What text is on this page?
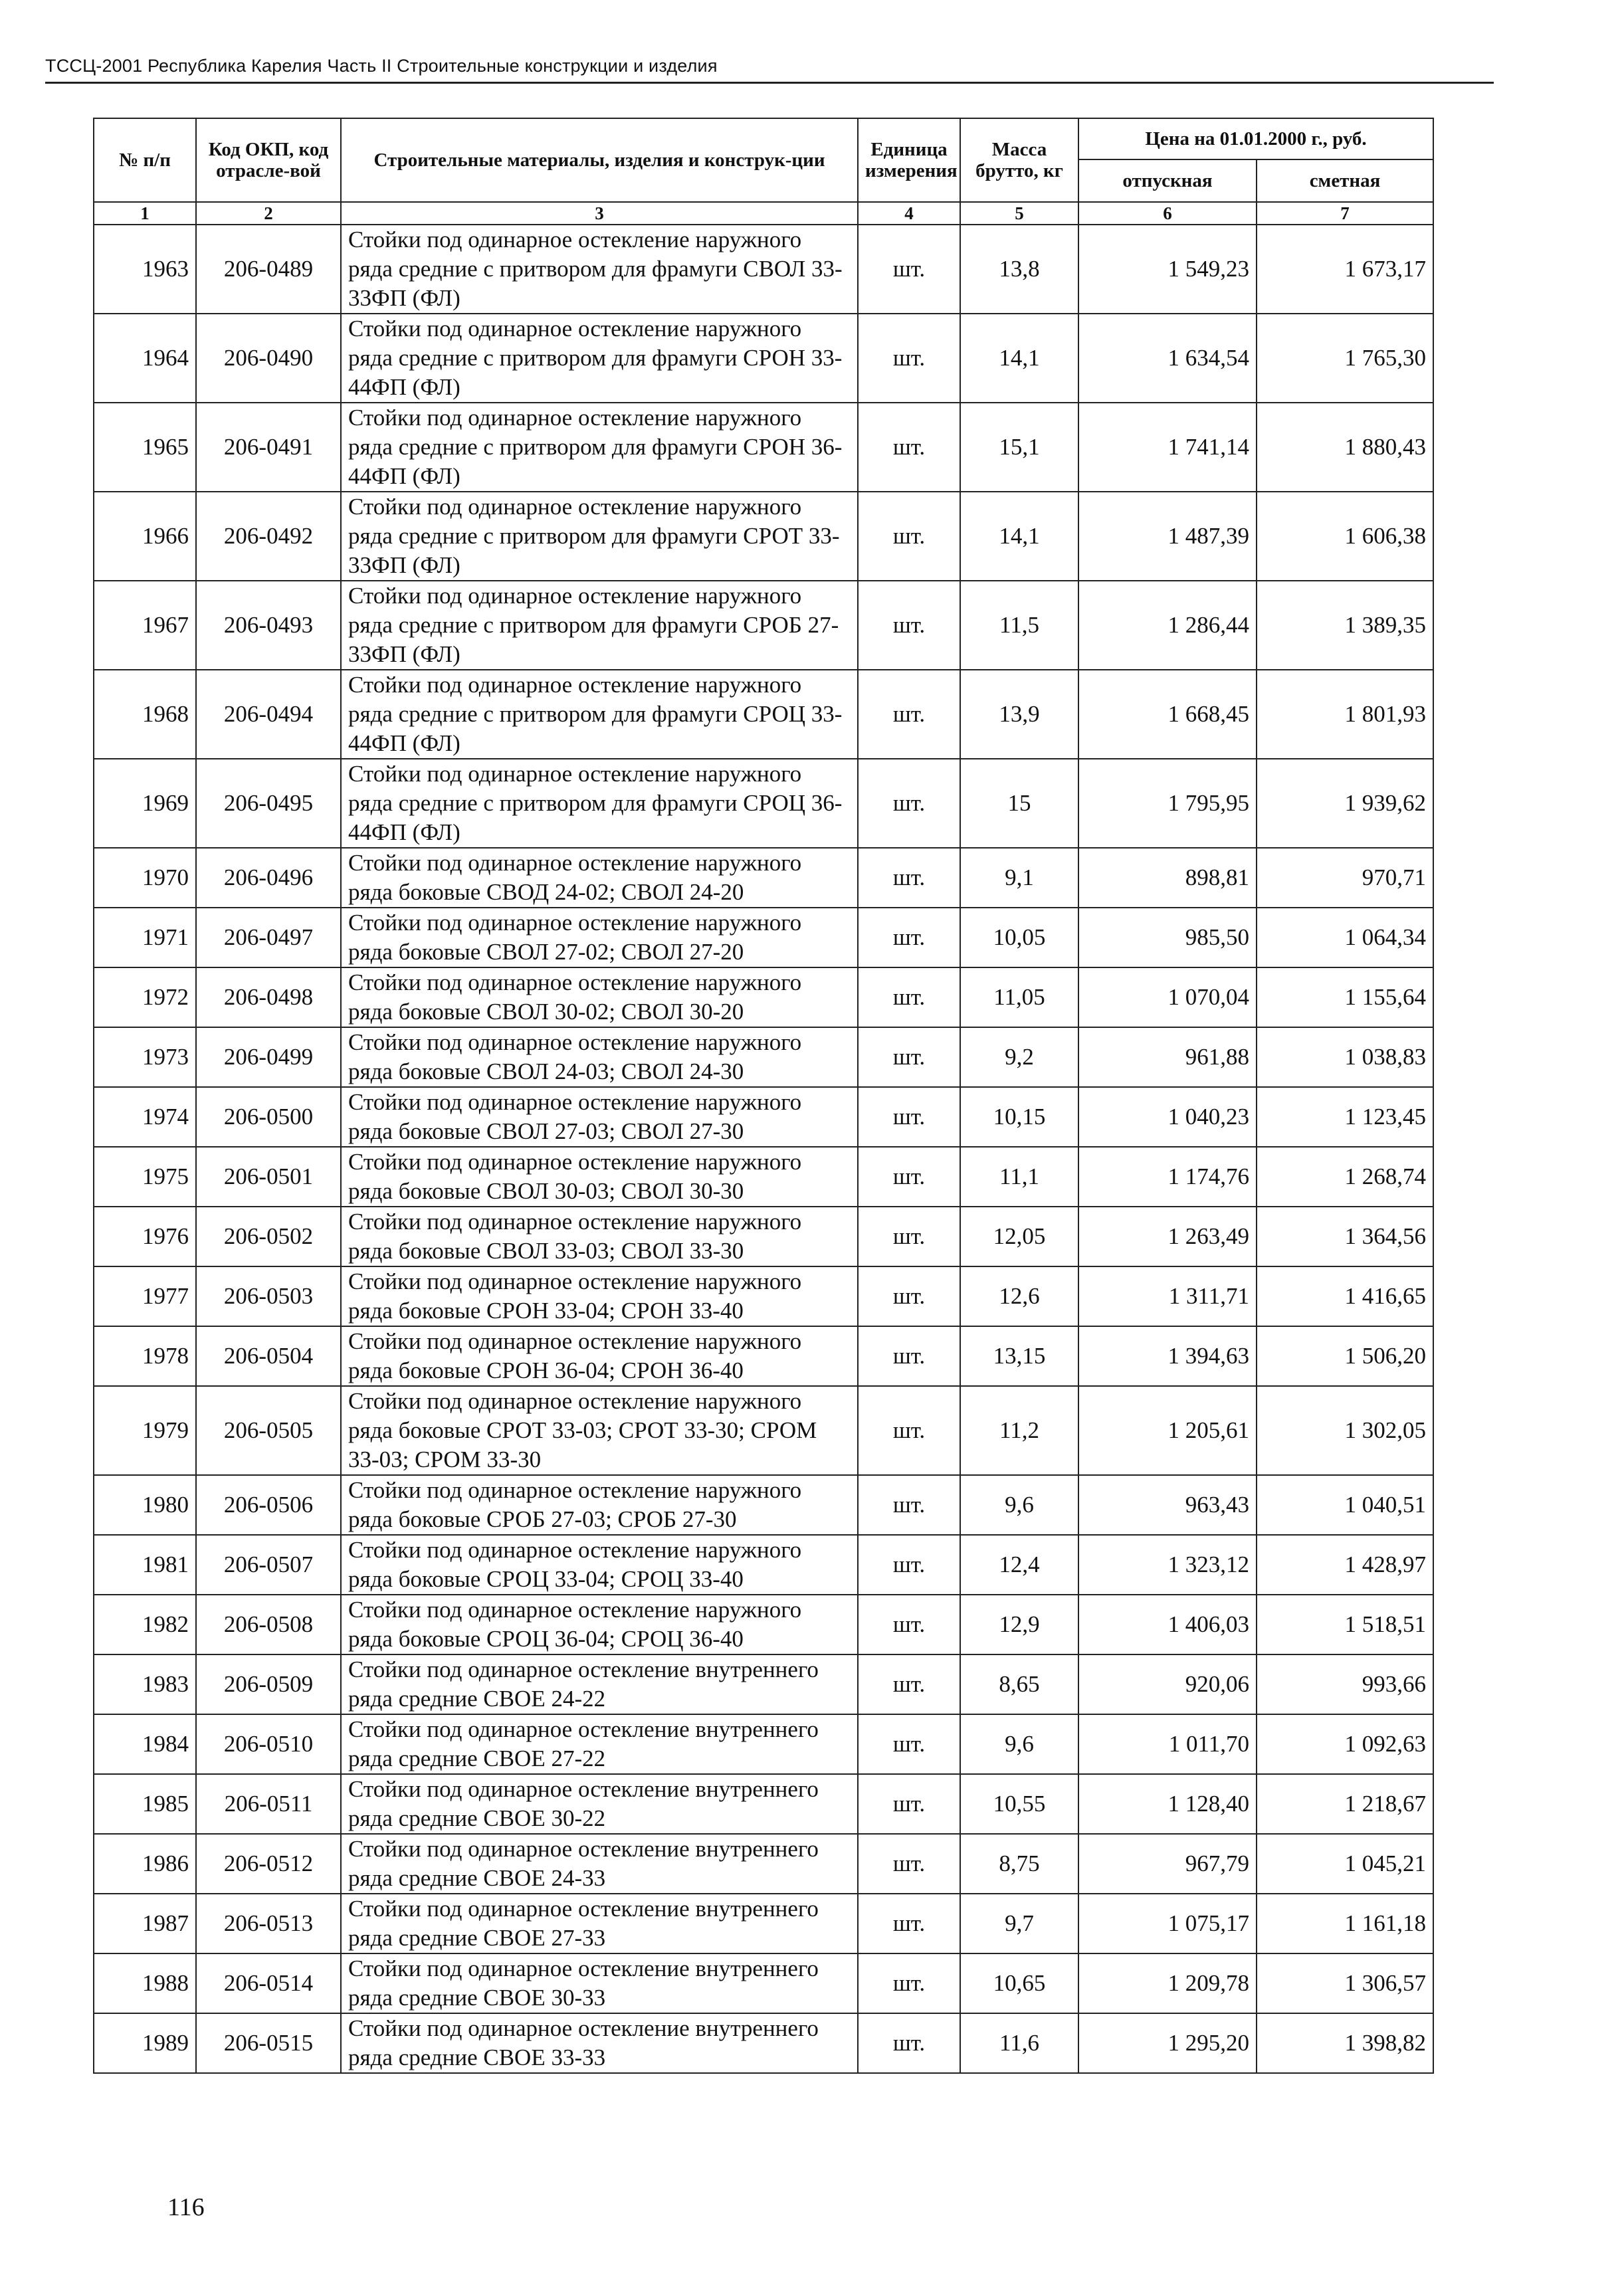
ТССЦ-2001 Республика Карелия Часть II Строительные конструкции и изделия
№ п/п	Код ОКП, код отрасле-вой	Строительные материалы, изделия и конструк-ции	Единица измерения	Масса брутто, кг	Цена на 01.01.2000 г., руб.	
					отпускная	сметная
1	2	3	4	5	6	7
1963	206-0489	Стойки под одинарное остекление наружного ряда средние с притвором для фрамуги СВОЛ 33-33ФП (ФЛ)	шт.	13,8	1 549,23	1 673,17
1964	206-0490	Стойки под одинарное остекление наружного ряда средние с притвором для фрамуги СРОН 33-44ФП (ФЛ)	шт.	14,1	1 634,54	1 765,30
1965	206-0491	Стойки под одинарное остекление наружного ряда средние с притвором для фрамуги СРОН 36-44ФП (ФЛ)	шт.	15,1	1 741,14	1 880,43
1966	206-0492	Стойки под одинарное остекление наружного ряда средние с притвором для фрамуги СРОТ 33-33ФП (ФЛ)	шт.	14,1	1 487,39	1 606,38
1967	206-0493	Стойки под одинарное остекление наружного ряда средние с притвором для фрамуги СРОБ 27-33ФП (ФЛ)	шт.	11,5	1 286,44	1 389,35
1968	206-0494	Стойки под одинарное остекление наружного ряда средние с притвором для фрамуги СРОЦ 33-44ФП (ФЛ)	шт.	13,9	1 668,45	1 801,93
1969	206-0495	Стойки под одинарное остекление наружного ряда средние с притвором для фрамуги СРОЦ 36-44ФП (ФЛ)	шт.	15	1 795,95	1 939,62
1970	206-0496	Стойки под одинарное остекление наружного ряда боковые СВОД 24-02; СВОЛ 24-20	шт.	9,1	898,81	970,71
1971	206-0497	Стойки под одинарное остекление наружного ряда боковые СВОЛ 27-02; СВОЛ 27-20	шт.	10,05	985,50	1 064,34
1972	206-0498	Стойки под одинарное остекление наружного ряда боковые СВОЛ 30-02; СВОЛ 30-20	шт.	11,05	1 070,04	1 155,64
1973	206-0499	Стойки под одинарное остекление наружного ряда боковые СВОЛ 24-03; СВОЛ 24-30	шт.	9,2	961,88	1 038,83
1974	206-0500	Стойки под одинарное остекление наружного ряда боковые СВОЛ 27-03; СВОЛ 27-30	шт.	10,15	1 040,23	1 123,45
1975	206-0501	Стойки под одинарное остекление наружного ряда боковые СВОЛ 30-03; СВОЛ 30-30	шт.	11,1	1 174,76	1 268,74
1976	206-0502	Стойки под одинарное остекление наружного ряда боковые СВОЛ 33-03; СВОЛ 33-30	шт.	12,05	1 263,49	1 364,56
1977	206-0503	Стойки под одинарное остекление наружного ряда боковые СРОН 33-04; СРОН 33-40	шт.	12,6	1 311,71	1 416,65
1978	206-0504	Стойки под одинарное остекление наружного ряда боковые СРОН 36-04; СРОН 36-40	шт.	13,15	1 394,63	1 506,20
1979	206-0505	Стойки под одинарное остекление наружного ряда боковые СРОТ 33-03; СРОТ 33-30; СРОМ 33-03; СРОМ 33-30	шт.	11,2	1 205,61	1 302,05
1980	206-0506	Стойки под одинарное остекление наружного ряда боковые СРОБ 27-03; СРОБ 27-30	шт.	9,6	963,43	1 040,51
1981	206-0507	Стойки под одинарное остекление наружного ряда боковые СРОЦ 33-04; СРОЦ 33-40	шт.	12,4	1 323,12	1 428,97
1982	206-0508	Стойки под одинарное остекление наружного ряда боковые СРОЦ 36-04; СРОЦ 36-40	шт.	12,9	1 406,03	1 518,51
1983	206-0509	Стойки под одинарное остекление внутреннего ряда средние СВОЕ 24-22	шт.	8,65	920,06	993,66
1984	206-0510	Стойки под одинарное остекление внутреннего ряда средние СВОЕ 27-22	шт.	9,6	1 011,70	1 092,63
1985	206-0511	Стойки под одинарное остекление внутреннего ряда средние СВОЕ 30-22	шт.	10,55	1 128,40	1 218,67
1986	206-0512	Стойки под одинарное остекление внутреннего ряда средние СВОЕ 24-33	шт.	8,75	967,79	1 045,21
1987	206-0513	Стойки под одинарное остекление внутреннего ряда средние СВОЕ 27-33	шт.	9,7	1 075,17	1 161,18
1988	206-0514	Стойки под одинарное остекление внутреннего ряда средние СВОЕ 30-33	шт.	10,65	1 209,78	1 306,57
1989	206-0515	Стойки под одинарное остекление внутреннего ряда средние СВОЕ 33-33	шт.	11,6	1 295,20	1 398,82
116
